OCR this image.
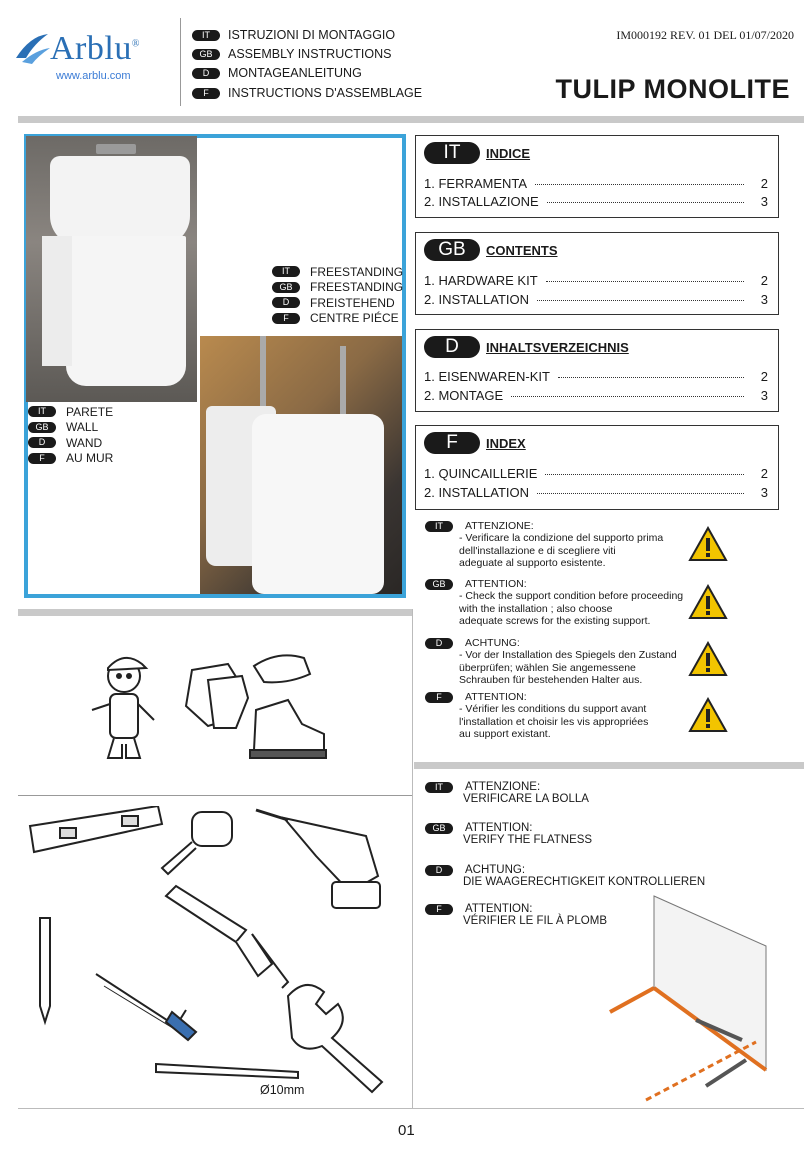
Arblu®
www.arblu.com
IT	ISTRUZIONI DI MONTAGGIO
GB	ASSEMBLY INSTRUCTIONS
D	MONTAGEANLEITUNG
F	INSTRUCTIONS D'ASSEMBLAGE
IM000192 REV. 01 DEL 01/07/2020
TULIP MONOLITE
IT	FREESTANDING
GB	FREESTANDING
D	FREISTEHEND
F	CENTRE PIÉCE
IT	PARETE
GB	WALL
D	WAND
F	AU MUR
IT	INDICE
1. FERRAMENTA	2
2. INSTALLAZIONE	3
GB	CONTENTS
1. HARDWARE KIT	2
2. INSTALLATION	3
D	INHALTSVERZEICHNIS
1. EISENWAREN-KIT	2
2. MONTAGE	3
F	INDEX
1. QUINCAILLERIE	2
2. INSTALLATION	3
IT	ATTENZIONE:
- Verificare la condizione del supporto prima
dell'installazione e di scegliere viti
adeguate al supporto esistente.
GB	ATTENTION:
- Check the support condition before proceeding
with the installation ; also choose
adequate screws for the existing support.
D	ACHTUNG:
- Vor der Installation des Spiegels den Zustand
überprüfen; wählen Sie angemessene
Schrauben für bestehenden Halter aus.
F	ATTENTION:
- Vérifier les conditions du support avant
l'installation et choisir les vis appropriées
au support existant.
Ø10mm
IT	ATTENZIONE:
VERIFICARE LA BOLLA
GB	ATTENTION:
VERIFY THE FLATNESS
D	ACHTUNG:
DIE WAAGERECHTIGKEIT KONTROLLIEREN
F	ATTENTION:
VÉRIFIER LE FIL À PLOMB
01
